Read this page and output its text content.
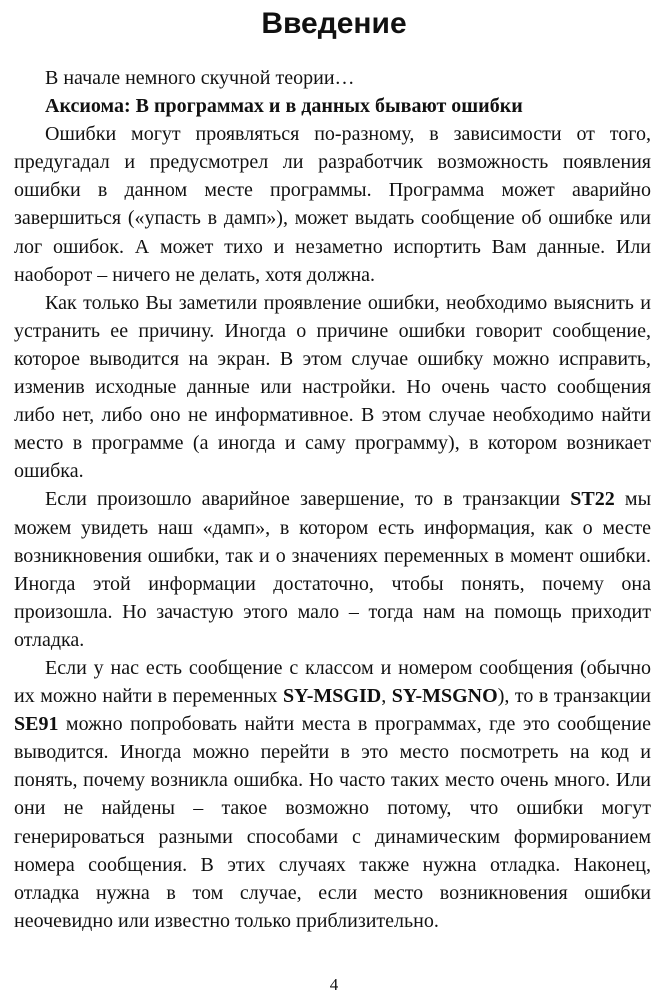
Введение

В начале немного скучной теории…

Аксиома: В программах и в данных бывают ошибки

Ошибки могут проявляться по-разному, в зависимости от того, предугадал и предусмотрел ли разработчик возможность появления ошибки в данном месте программы. Программа может аварийно завершиться («упасть в дамп»), может выдать сообщение об ошибке или лог ошибок. А может тихо и незаметно испортить Вам данные. Или наоборот – ничего не делать, хотя должна.

Как только Вы заметили проявление ошибки, необходимо выяснить и устранить ее причину. Иногда о причине ошибки говорит сообщение, которое выводится на экран. В этом случае ошибку можно исправить, изменив исходные данные или настройки. Но очень часто сообщения либо нет, либо оно не информативное. В этом случае необходимо найти место в программе (а иногда и саму программу), в котором возникает ошибка.

Если произошло аварийное завершение, то в транзакции ST22 мы можем увидеть наш «дамп», в котором есть информация, как о месте возникновения ошибки, так и о значениях переменных в момент ошибки. Иногда этой информации достаточно, чтобы понять, почему она произошла. Но зачастую этого мало – тогда нам на помощь приходит отладка.

Если у нас есть сообщение с классом и номером сообщения (обычно их можно найти в переменных SY-MSGID, SY-MSGNO), то в транзакции SE91 можно попробовать найти места в программах, где это сообщение выводится. Иногда можно перейти в это место посмотреть на код и понять, почему возникла ошибка. Но часто таких место очень много. Или они не найдены – такое возможно потому, что ошибки могут генерироваться разными способами с динамическим формированием номера сообщения. В этих случаях также нужна отладка. Наконец, отладка нужна в том случае, если место возникновения ошибки неочевидно или известно только приблизительно.

4
